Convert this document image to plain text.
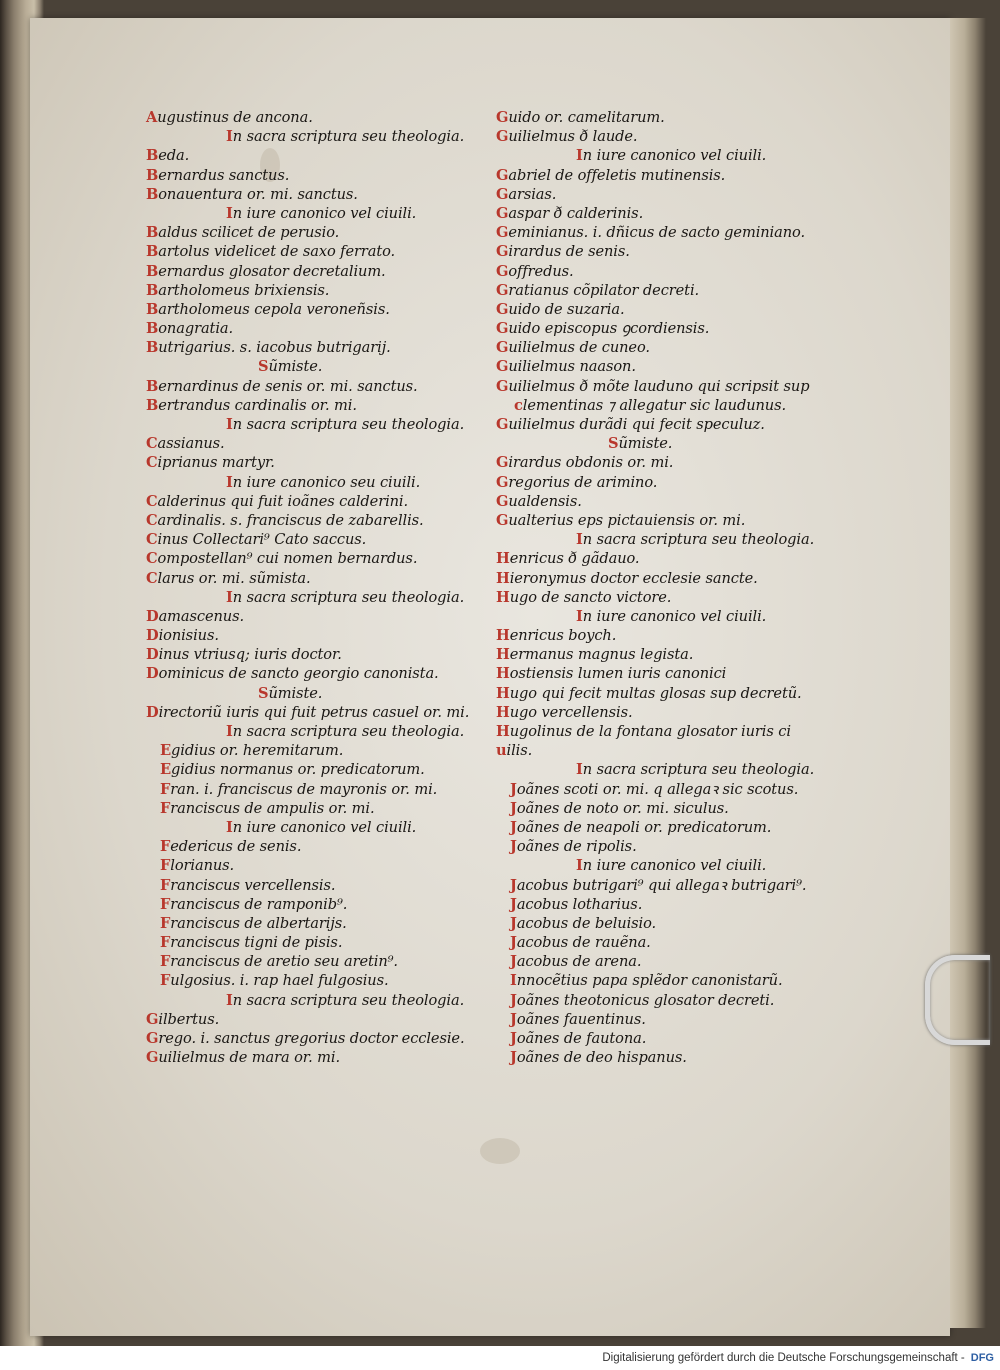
Augustinus de ancona.
In sacra scriptura seu theologia.
Beda.
Bernardus sanctus.
Bonauentura or. mi. sanctus.
In iure canonico vel ciuili.
Baldus scilicet de perusio.
Bartolus videlicet de saxo ferrato.
Bernardus glosator decretalium.
Bartholomeus brixiensis.
Bartholomeus cepola veroneñsis.
Bonagratia.
Butrigarius. s. iacobus butrigarij.
Sũmiste.
Bernardinus de senis or. mi. sanctus.
Bertrandus cardinalis or. mi.
In sacra scriptura seu theologia.
Cassianus.
Ciprianus martyr.
In iure canonico seu ciuili.
Calderinus qui fuit ioãnes calderini.
Cardinalis. s. franciscus de zabarellis.
Cinus Collectari⁹ Cato saccus.
Compostellan⁹ cui nomen bernardus.
Clarus or. mi. sũmista.
In sacra scriptura seu theologia.
Damascenus.
Dionisius.
Dinus vtriusq; iuris doctor.
Dominicus de sancto georgio canonista.
Sũmiste.
Directoriũ iuris qui fuit petrus casuel or. mi.
In sacra scriptura seu theologia.
Egidius or. heremitarum.
Egidius normanus or. predicatorum.
Fran. i. franciscus de mayronis or. mi.
Franciscus de ampulis or. mi.
In iure canonico vel ciuili.
Federicus de senis.
Florianus.
Franciscus vercellensis.
Franciscus de ramponib⁹.
Franciscus de albertarijs.
Franciscus tigni de pisis.
Franciscus de aretio seu aretin⁹.
Fulgosius. i. rap hael fulgosius.
In sacra scriptura seu theologia.
Gilbertus.
Grego. i. sanctus gregorius doctor ecclesie.
Guilielmus de mara or. mi.
Guido or. camelitarum.
Guilielmus ð laude.
In iure canonico vel ciuili.
Gabriel de offeletis mutinensis.
Garsias.
Gaspar ð calderinis.
Geminianus. i. dñicus de sacto geminiano.
Girardus de senis.
Goffredus.
Gratianus cõpilator decreti.
Guido de suzaria.
Guido episcopus ꝯcordiensis.
Guilielmus de cuneo.
Guilielmus naason.
Guilielmus ð mõte lauduno qui scripsit sup
clementinas ⁊ allegatur sic laudunus.
Guilielmus durãdi qui fecit speculuz.
Sũmiste.
Girardus obdonis or. mi.
Gregorius de arimino.
Gualdensis.
Gualterius eps pictauiensis or. mi.
In sacra scriptura seu theologia.
Henricus ð gãdauo.
Hieronymus doctor ecclesie sancte.
Hugo de sancto victore.
In iure canonico vel ciuili.
Henricus boych.
Hermanus magnus legista.
Hostiensis lumen iuris canonici
Hugo qui fecit multas glosas sup decretũ.
Hugo vercellensis.
Hugolinus de la fontana glosator iuris ci
uilis.
In sacra scriptura seu theologia.
Joãnes scoti or. mi. q allegaꝛ sic scotus.
Joãnes de noto or. mi. siculus.
Joãnes de neapoli or. predicatorum.
Joãnes de ripolis.
In iure canonico vel ciuili.
Jacobus butrigari⁹ qui allegaꝛ butrigari⁹.
Jacobus lotharius.
Jacobus de beluisio.
Jacobus de rauẽna.
Jacobus de arena.
Innocẽtius papa splẽdor canonistarũ.
Joãnes theotonicus glosator decreti.
Joãnes fauentinus.
Joãnes de fautona.
Joãnes de deo hispanus.
Digitalisierung gefördert durch die Deutsche Forschungsgemeinschaft - DFG
